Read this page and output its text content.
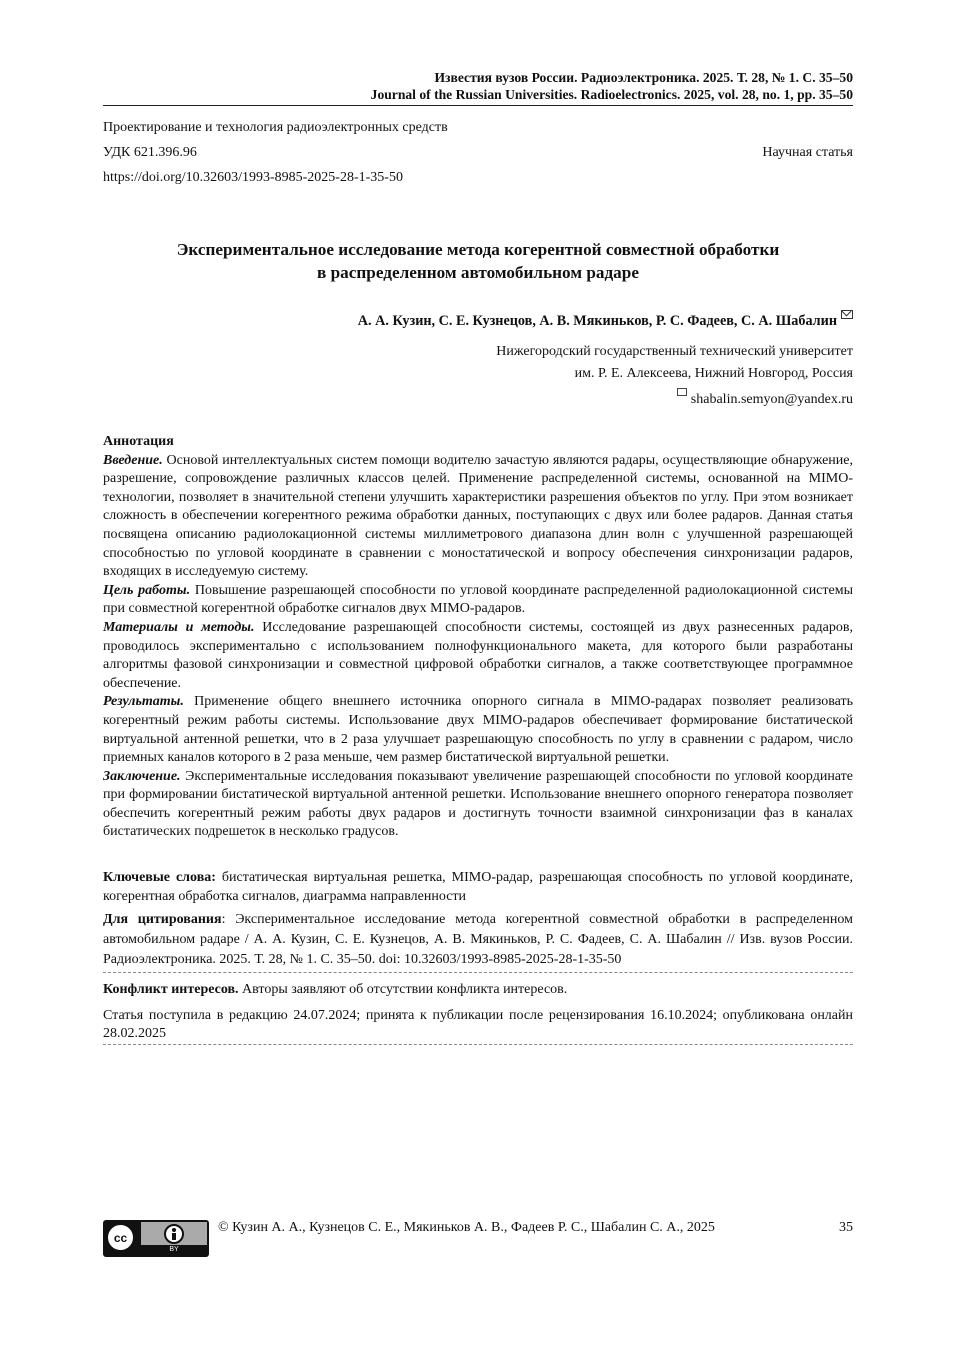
Известия вузов России. Радиоэлектроника. 2025. Т. 28, № 1. С. 35–50
Journal of the Russian Universities. Radioelectronics. 2025, vol. 28, no. 1, pp. 35–50
Проектирование и технология радиоэлектронных средств
УДК 621.396.96	Научная статья
https://doi.org/10.32603/1993-8985-2025-28-1-35-50
Экспериментальное исследование метода когерентной совместной обработки
в распределенном автомобильном радаре
А. А. Кузин, С. Е. Кузнецов, А. В. Мякиньков, Р. С. Фадеев, С. А. Шабалин
Нижегородский государственный технический университет
им. Р. Е. Алексеева, Нижний Новгород, Россия
shabalin.semyon@yandex.ru

Аннотация

Введение. Основой интеллектуальных систем помощи водителю зачастую являются радары, осуществляющие обнаружение, разрешение, сопровождение различных классов целей. Применение распределенной системы, основанной на MIMO-технологии, позволяет в значительной степени улучшить характеристики разрешения объектов по углу. При этом возникает сложность в обеспечении когерентного режима обработки данных, поступающих с двух или более радаров. Данная статья посвящена описанию радиолокационной системы миллиметрового диапазона длин волн с улучшенной разрешающей способностью по угловой координате в сравнении с моностатической и вопросу обеспечения синхронизации радаров, входящих в исследуемую систему.

Цель работы. Повышение разрешающей способности по угловой координате распределенной радиолокационной системы при совместной когерентной обработке сигналов двух MIMO-радаров.

Материалы и методы. Исследование разрешающей способности системы, состоящей из двух разнесенных радаров, проводилось экспериментально с использованием полнофункционального макета, для которого были разработаны алгоритмы фазовой синхронизации и совместной цифровой обработки сигналов, а также соответствующее программное обеспечение.

Результаты. Применение общего внешнего источника опорного сигнала в MIMO-радарах позволяет реализовать когерентный режим работы системы. Использование двух MIMO-радаров обеспечивает формирование бистатической виртуальной антенной решетки, что в 2 раза улучшает разрешающую способность по углу в сравнении с радаром, число приемных каналов которого в 2 раза меньше, чем размер бистатической виртуальной решетки.

Заключение. Экспериментальные исследования показывают увеличение разрешающей способности по угловой координате при формировании бистатической виртуальной антенной решетки. Использование внешнего опорного генератора позволяет обеспечить когерентный режим работы двух радаров и достигнуть точности взаимной синхронизации фаз в каналах бистатических подрешеток в несколько градусов.

Ключевые слова: бистатическая виртуальная решетка, MIMO-радар, разрешающая способность по угловой координате, когерентная обработка сигналов, диаграмма направленности
Для цитирования: Экспериментальное исследование метода когерентной совместной обработки в распределенном автомобильном радаре / А. А. Кузин, С. Е. Кузнецов, А. В. Мякиньков, Р. С. Фадеев, С. А. Шабалин // Изв. вузов России. Радиоэлектроника. 2025. Т. 28, № 1. С. 35–50. doi: 10.32603/1993-8985-2025-28-1-35-50
Конфликт интересов. Авторы заявляют об отсутствии конфликта интересов.
Статья поступила в редакцию 24.07.2024; принята к публикации после рецензирования 16.10.2024; опубликована онлайн 28.02.2025
cc
BY
© Кузин А. А., Кузнецов С. Е., Мякиньков А. В., Фадеев Р. С., Шабалин С. А., 2025	35
